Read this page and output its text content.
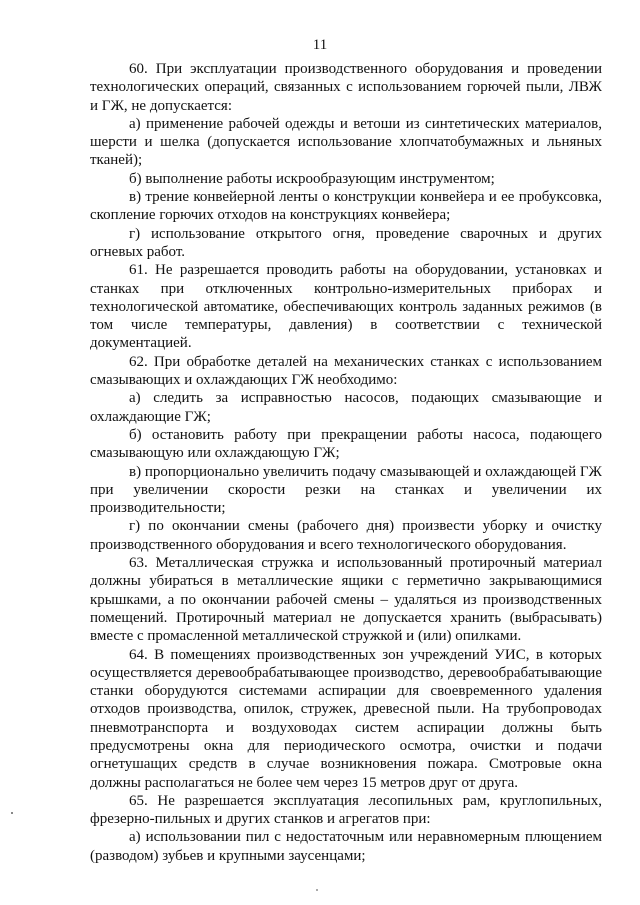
11

60. При эксплуатации производственного оборудования и проведении технологических операций, связанных с использованием горючей пыли, ЛВЖ и ГЖ, не допускается:

а) применение рабочей одежды и ветоши из синтетических материалов, шерсти и шелка (допускается использование хлопчатобумажных и льняных тканей);

б) выполнение работы искрообразующим инструментом;

в) трение конвейерной ленты о конструкции конвейера и ее пробуксовка, скопление горючих отходов на конструкциях конвейера;

г) использование открытого огня, проведение сварочных и других огневых работ.

61. Не разрешается проводить работы на оборудовании, установках и станках при отключенных контрольно-измерительных приборах и технологической автоматике, обеспечивающих контроль заданных режимов (в том числе температуры, давления) в соответствии с технической документацией.

62. При обработке деталей на механических станках с использованием смазывающих и охлаждающих ГЖ необходимо:

а) следить за исправностью насосов, подающих смазывающие и охлаждающие ГЖ;

б) остановить работу при прекращении работы насоса, подающего смазывающую или охлаждающую ГЖ;

в) пропорционально увеличить подачу смазывающей и охлаждающей ГЖ при увеличении скорости резки на станках и увеличении их производительности;

г) по окончании смены (рабочего дня) произвести уборку и очистку производственного оборудования и всего технологического оборудования.

63. Металлическая стружка и использованный протирочный материал должны убираться в металлические ящики с герметично закрывающимися крышками, а по окончании рабочей смены – удаляться из производственных помещений. Протирочный материал не допускается хранить (выбрасывать) вместе с промасленной металлической стружкой и (или) опилками.

64. В помещениях производственных зон учреждений УИС, в которых осуществляется деревообрабатывающее производство, деревообрабатывающие станки оборудуются системами аспирации для своевременного удаления отходов производства, опилок, стружек, древесной пыли. На трубопроводах пневмотранспорта и воздуховодах систем аспирации должны быть предусмотрены окна для периодического осмотра, очистки и подачи огнетушащих средств в случае возникновения пожара. Смотровые окна должны располагаться не более чем через 15 метров друг от друга.

65. Не разрешается эксплуатация лесопильных рам, круглопильных, фрезерно-пильных и других станков и агрегатов при:

а) использовании пил с недостаточным или неравномерным плющением (разводом) зубьев и крупными заусенцами;
